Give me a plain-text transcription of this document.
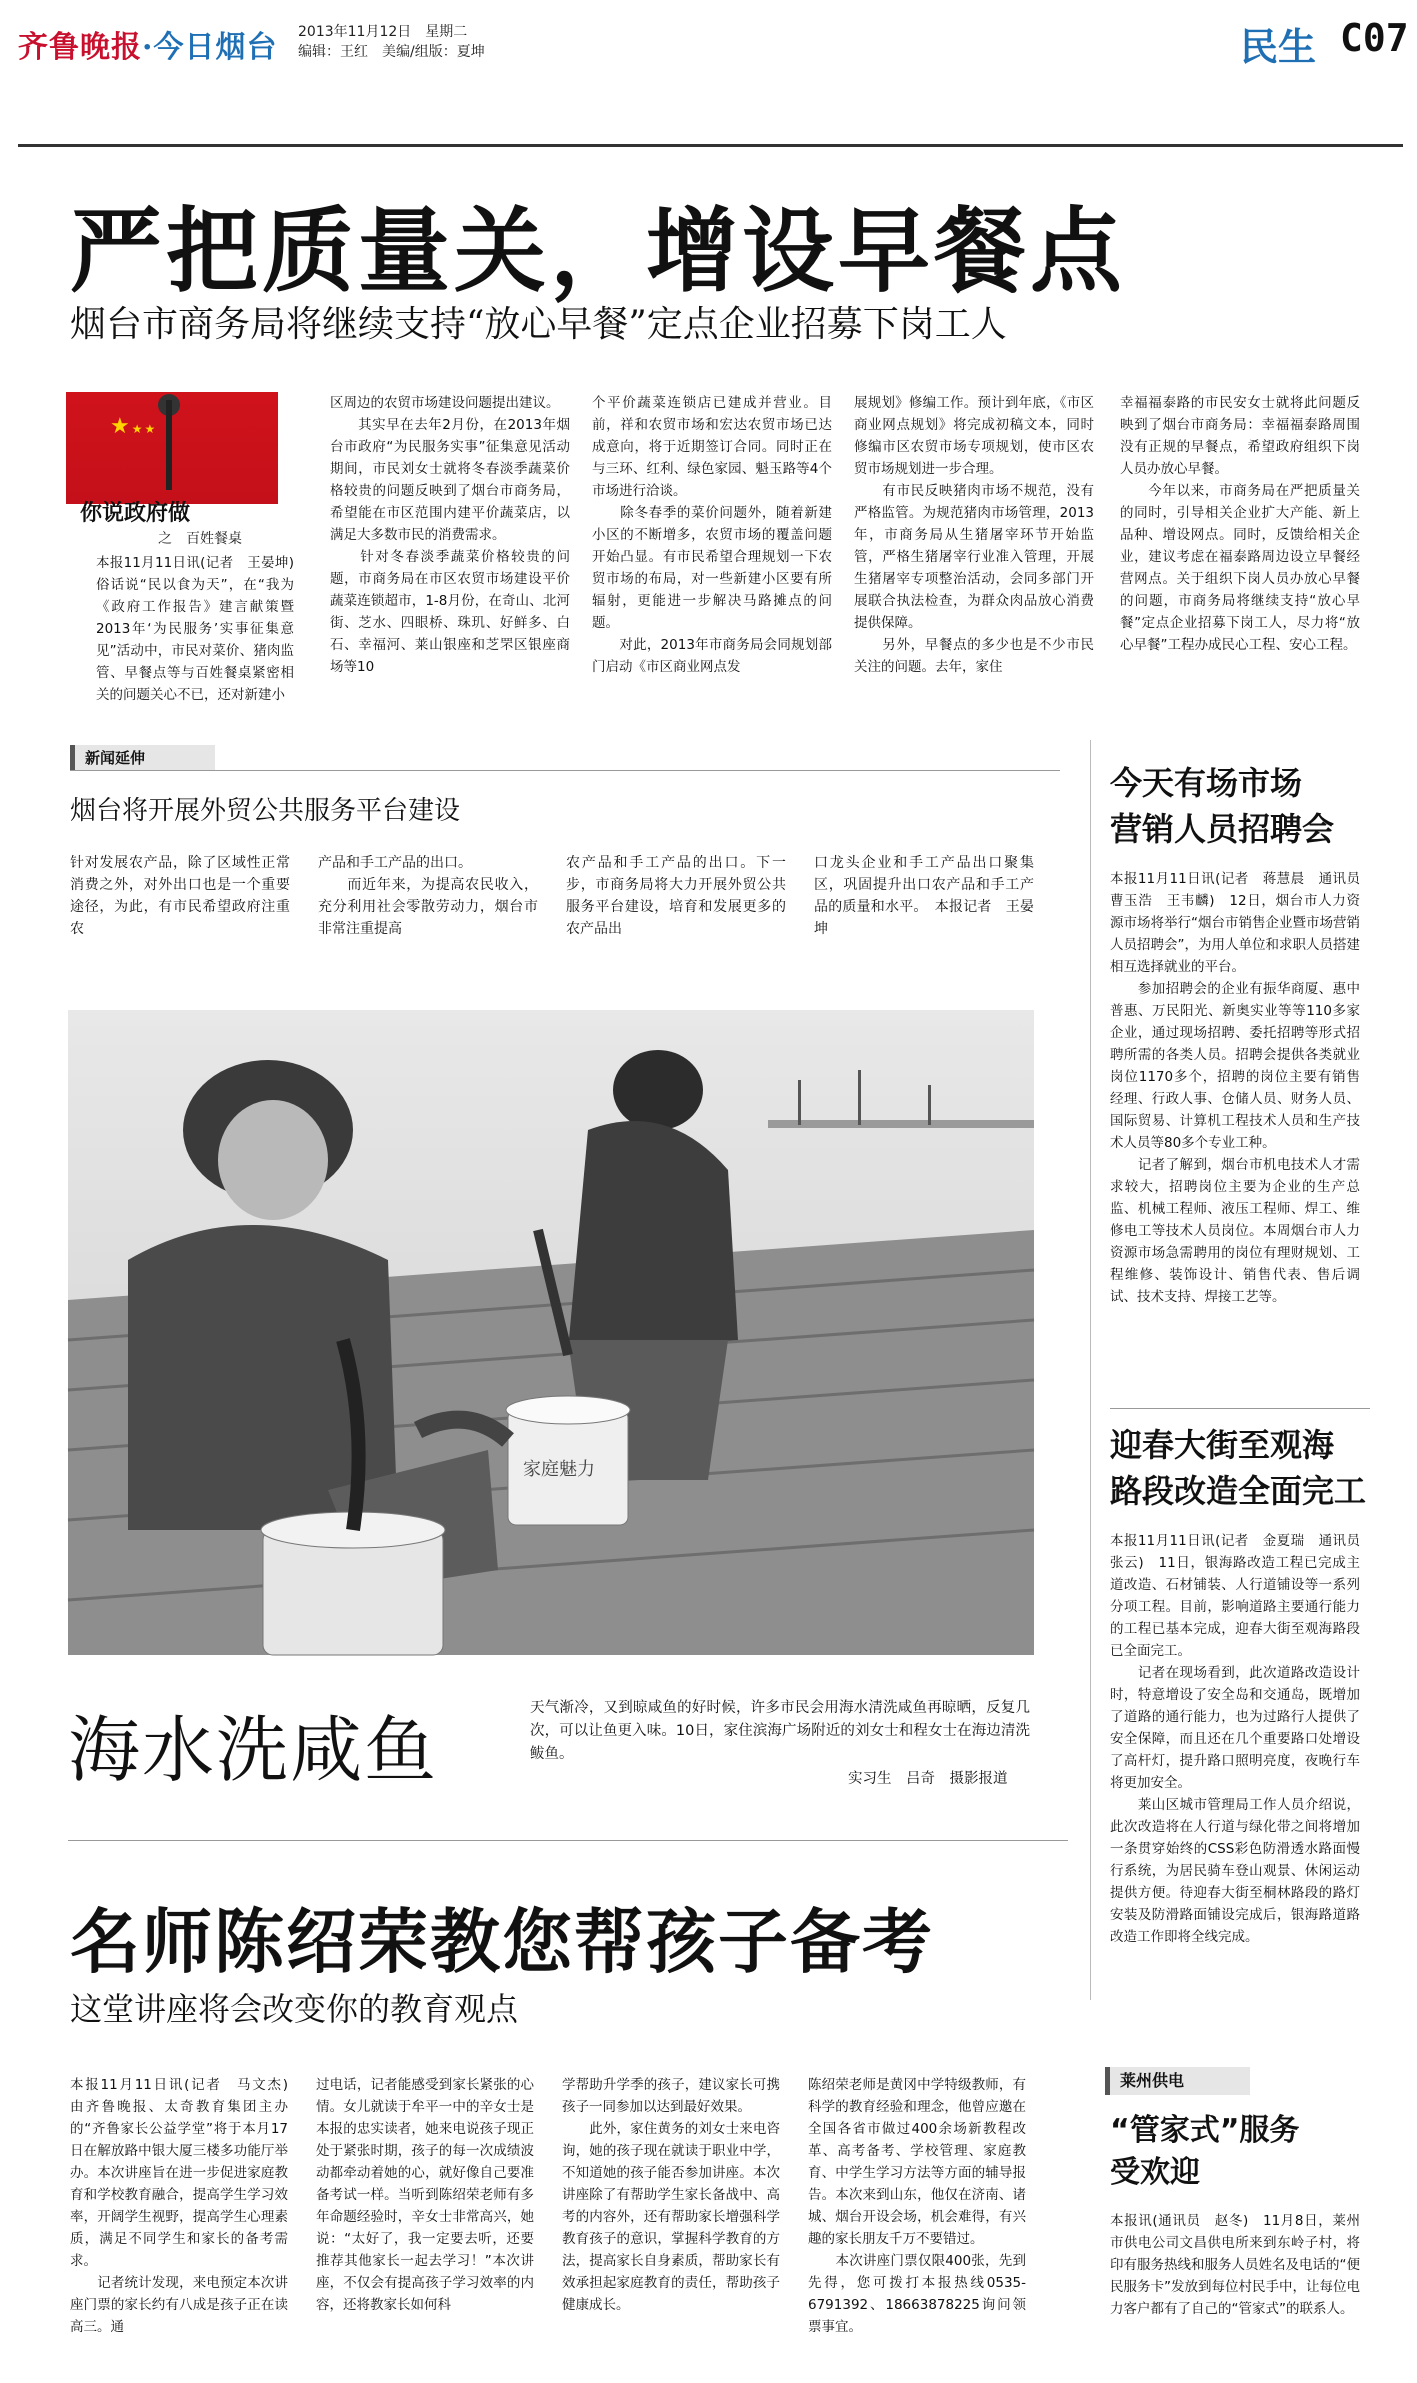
齐鲁晚报·今日烟台 2013年11月12日　星期二
编辑：王红　美编/组版：夏坤	民生 C07
严把质量关，增设早餐点
烟台市商务局将继续支持“放心早餐”定点企业招募下岗工人
★★★
你说政府做
之　百姓餐桌
本报11月11日讯(记者　王晏坤)　俗话说“民以食为天”，在“我为《政府工作报告》建言献策暨2013年‘为民服务’实事征集意见”活动中，市民对菜价、猪肉监管、早餐点等与百姓餐桌紧密相关的问题关心不已，还对新建小
区周边的农贸市场建设问题提出建议。
　　其实早在去年2月份，在2013年烟台市政府“为民服务实事”征集意见活动期间，市民刘女士就将冬春淡季蔬菜价格较贵的问题反映到了烟台市商务局，希望能在市区范围内建平价蔬菜店，以满足大多数市民的消费需求。
　　针对冬春淡季蔬菜价格较贵的问题，市商务局在市区农贸市场建设平价蔬菜连锁超市，1-8月份，在奇山、北河街、芝水、四眼桥、珠玑、好鲜多、白石、幸福河、莱山银座和芝罘区银座商场等10
个平价蔬菜连锁店已建成并营业。目前，祥和农贸市场和宏达农贸市场已达成意向，将于近期签订合同。同时正在与三环、红利、绿色家园、魁玉路等4个市场进行洽谈。
　　除冬春季的菜价问题外，随着新建小区的不断增多，农贸市场的覆盖问题开始凸显。有市民希望合理规划一下农贸市场的布局，对一些新建小区要有所辐射，更能进一步解决马路摊点的问题。
　　对此，2013年市商务局会同规划部门启动《市区商业网点发
展规划》修编工作。预计到年底，《市区商业网点规划》将完成初稿文本，同时修编市区农贸市场专项规划，使市区农贸市场规划进一步合理。
　　有市民反映猪肉市场不规范，没有严格监管。为规范猪肉市场管理，2013年，市商务局从生猪屠宰环节开始监管，严格生猪屠宰行业准入管理，开展生猪屠宰专项整治活动，会同多部门开展联合执法检查，为群众肉品放心消费提供保障。
　　另外，早餐点的多少也是不少市民关注的问题。去年，家住
幸福福泰路的市民安女士就将此问题反映到了烟台市商务局：幸福福泰路周围没有正规的早餐点，希望政府组织下岗人员办放心早餐。
　　今年以来，市商务局在严把质量关的同时，引导相关企业扩大产能、新上品种、增设网点。同时，反馈给相关企业，建议考虑在福泰路周边设立早餐经营网点。关于组织下岗人员办放心早餐的问题，市商务局将继续支持“放心早餐”定点企业招募下岗工人，尽力将“放心早餐”工程办成民心工程、安心工程。
新闻延伸
烟台将开展外贸公共服务平台建设
针对发展农产品，除了区域性正常消费之外，对外出口也是一个重要途径，为此，有市民希望政府注重农
产品和手工产品的出口。
　　而近年来，为提高农民收入，充分利用社会零散劳动力，烟台市非常注重提高
农产品和手工产品的出口。下一步，市商务局将大力开展外贸公共服务平台建设，培育和发展更多的农产品出
口龙头企业和手工产品出口聚集区，巩固提升出口农产品和手工产品的质量和水平。　本报记者　王晏坤
家庭魅力
海水洗咸鱼	天气渐冷，又到晾咸鱼的好时候，许多市民会用海水清洗咸鱼再晾晒，反复几次，可以让鱼更入味。10日，家住滨海广场附近的刘女士和程女士在海边清洗鲅鱼。
实习生　吕奇　摄影报道
名师陈绍荣教您帮孩子备考
这堂讲座将会改变你的教育观点
本报11月11日讯(记者　马文杰)　由齐鲁晚报、太奇教育集团主办的“齐鲁家长公益学堂”将于本月17日在解放路中银大厦三楼多功能厅举办。本次讲座旨在进一步促进家庭教育和学校教育融合，提高学生学习效率，开阔学生视野，提高学生心理素质，满足不同学生和家长的备考需求。
　　记者统计发现，来电预定本次讲座门票的家长约有八成是孩子正在读高三。通
过电话，记者能感受到家长紧张的心情。女儿就读于牟平一中的辛女士是本报的忠实读者，她来电说孩子现正处于紧张时期，孩子的每一次成绩波动都牵动着她的心，就好像自己要准备考试一样。当听到陈绍荣老师有多年命题经验时，辛女士非常高兴，她说：“太好了，我一定要去听，还要推荐其他家长一起去学习！”本次讲座，不仅会有提高孩子学习效率的内容，还将教家长如何科
学帮助升学季的孩子，建议家长可携孩子一同参加以达到最好效果。
　　此外，家住黄务的刘女士来电咨询，她的孩子现在就读于职业中学，不知道她的孩子能否参加讲座。本次讲座除了有帮助学生家长备战中、高考的内容外，还有帮助家长增强科学教育孩子的意识，掌握科学教育的方法，提高家长自身素质，帮助家长有效承担起家庭教育的责任，帮助孩子健康成长。
陈绍荣老师是黄冈中学特级教师，有科学的教育经验和理念，他曾应邀在全国各省市做过400余场新教程改革、高考备考、学校管理、家庭教育、中学生学习方法等方面的辅导报告。本次来到山东，他仅在济南、诸城、烟台开设会场，机会难得，有兴趣的家长朋友千万不要错过。
　　本次讲座门票仅限400张，先到先得，您可拨打本报热线0535-6791392、18663878225询问领票事宜。
今天有场市场
营销人员招聘会
本报11月11日讯(记者　蒋慧晨　通讯员　曹玉浩　王韦麟)　12日，烟台市人力资源市场将举行“烟台市销售企业暨市场营销人员招聘会”，为用人单位和求职人员搭建相互选择就业的平台。
　　参加招聘会的企业有振华商厦、惠中普惠、万民阳光、新奥实业等等110多家企业，通过现场招聘、委托招聘等形式招聘所需的各类人员。招聘会提供各类就业岗位1170多个，招聘的岗位主要有销售经理、行政人事、仓储人员、财务人员、国际贸易、计算机工程技术人员和生产技术人员等80多个专业工种。
　　记者了解到，烟台市机电技术人才需求较大，招聘岗位主要为企业的生产总监、机械工程师、液压工程师、焊工、维修电工等技术人员岗位。本周烟台市人力资源市场急需聘用的岗位有理财规划、工程维修、装饰设计、销售代表、售后调试、技术支持、焊接工艺等。
迎春大街至观海
路段改造全面完工
本报11月11日讯(记者　金夏瑞　通讯员　张云)　11日，银海路改造工程已完成主道改造、石材铺装、人行道铺设等一系列分项工程。目前，影响道路主要通行能力的工程已基本完成，迎春大街至观海路段已全面完工。
　　记者在现场看到，此次道路改造设计时，特意增设了安全岛和交通岛，既增加了道路的通行能力，也为过路行人提供了安全保障，而且还在几个重要路口处增设了高杆灯，提升路口照明亮度，夜晚行车将更加安全。
　　莱山区城市管理局工作人员介绍说，此次改造将在人行道与绿化带之间将增加一条贯穿始终的CSS彩色防滑透水路面慢行系统，为居民骑车登山观景、休闲运动提供方便。待迎春大街至桐林路段的路灯安装及防滑路面铺设完成后，银海路道路改造工作即将全线完成。
莱州供电
“管家式”服务
受欢迎
本报讯(通讯员　赵冬)　11月8日，莱州市供电公司文昌供电所来到东岭子村，将印有服务热线和服务人员姓名及电话的“便民服务卡”发放到每位村民手中，让每位电力客户都有了自己的“管家式”的联系人。
